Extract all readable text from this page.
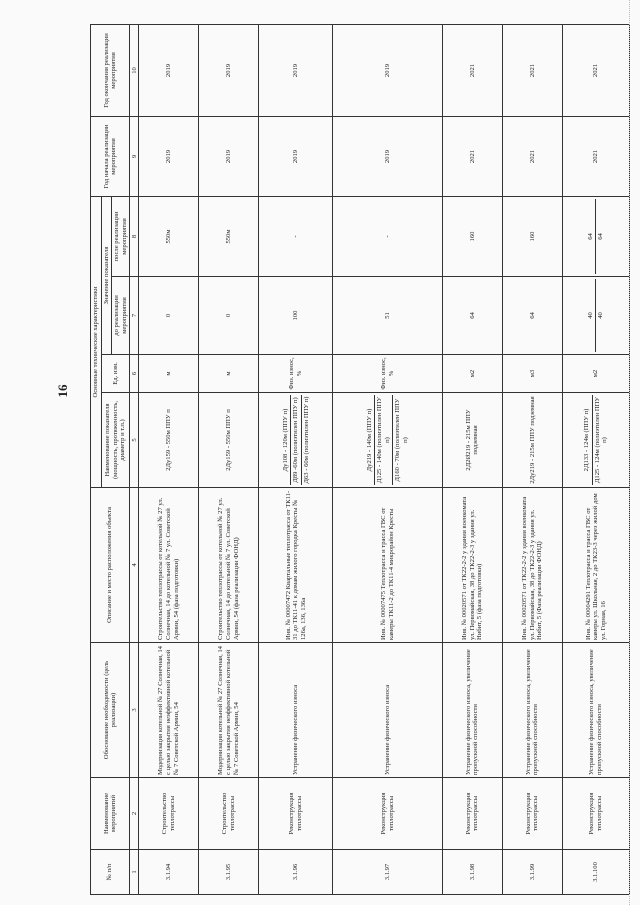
16
№ п/п	Наименование мероприятий	Обоснование необходимости (цель реализации)	Описание и место расположения объекта	Основные технические характеристики				Год начала реализации мероприятия	Год окончания реализации мероприятия
				Наименование показателя (мощность, протяженность, диаметр и т.п.)	Ед. изм.	Значение показателя			
						до реализации мероприятия	после реализации мероприятия		
1	2	3	4	5	6	7	8	9	10
3.1.94	Строительство теплотрассы	Модернизация котельной № 27 Солнечная, 14 с целью закрытия неэффективной котельной № 7 Советской Армии, 54	Строительство теплотрассы от котельной № 27 ул. Солнечная, 14 до котельной № 7 ул. Советской Армии, 54 (фаза подготовки)	2Ду159 - 550м ППУ п	м	0	550м	2019	2019
3.1.95	Строительство теплотрассы	Модернизация котельной № 27 Солнечная, 14 с целью закрытия неэффективной котельной № 7 Советской Армии, 54	Строительство теплотрассы от котельной № 27 ул. Солнечная, 14 до котельной № 7 ул. Советской Армии, 54 (фаза реализации ФОНД)	2Ду159 - 550м ППУ п	м	0	550м	2019	2019
3.1.96	Реконструкция теплотрассы	Устранение физического износа	Инв. № 00007472 Квартальные теплотрасса от ТК11-31 до ТК11-41 к домам жилого городка Кресты № 126а, 136, 136а	Ду108 - 120м (ППУ п) Д89 -60м (полиэтилен ППУ п) Д63 - 60м (полиэтилен ППУ п)	Физ. износ, %	100	-	2019	2019
3.1.97	Реконструкция теплотрассы	Устранение физического износа	Инв. № 00007475 Теплотрасса и трасса ГВС от камеры ТК11-2 до ТК11-4 микрорайон Кресты	Ду219 - 140м (ППУ п) Д125 - 140м (полиэтилен ППУ п) Д160 - 70м (полиэтилен ППУ п)	Физ. износ, %	51	-	2019	2019
3.1.98	Реконструкция теплотрассы	Устранение физического износа, увеличение пропускной способности	Инв. № 00020571 от ТК22-2-2 у здания военкомата ул. Первомайская, 38 до ТК22-2-3 у здания ул. Нибит, 5 (фаза подготовки)	2Д2Ø219 - 215м ППУ подземная	м2	64	160	2021	2021
3.1.99	Реконструкция теплотрассы	Устранение физического износа, увеличение пропускной способности	Инв. № 00020571 от ТК22-2-2 у здания военкомата ул. Первомайская, 38 до ТК22-2-3 у здания ул. Нибит, 5 (Фаза реализации ФОНД)	2Ду219 - 215м ППУ подземная	м3	64	160	2021	2021
3.1.100	Реконструкция теплотрассы	Устранение физического износа, увеличение пропускной способности	Инв. № 00004291 Теплотрасса и трасса ГВС от камеры ул. Школьная, 2 до ТК23-3 через жилой дом ул. Горная, 16	2Д133 - 124м (ППУ п) Д125 - 124м (полиэтилен ППУ п)	м2	40 40	64 64	2021	2021
